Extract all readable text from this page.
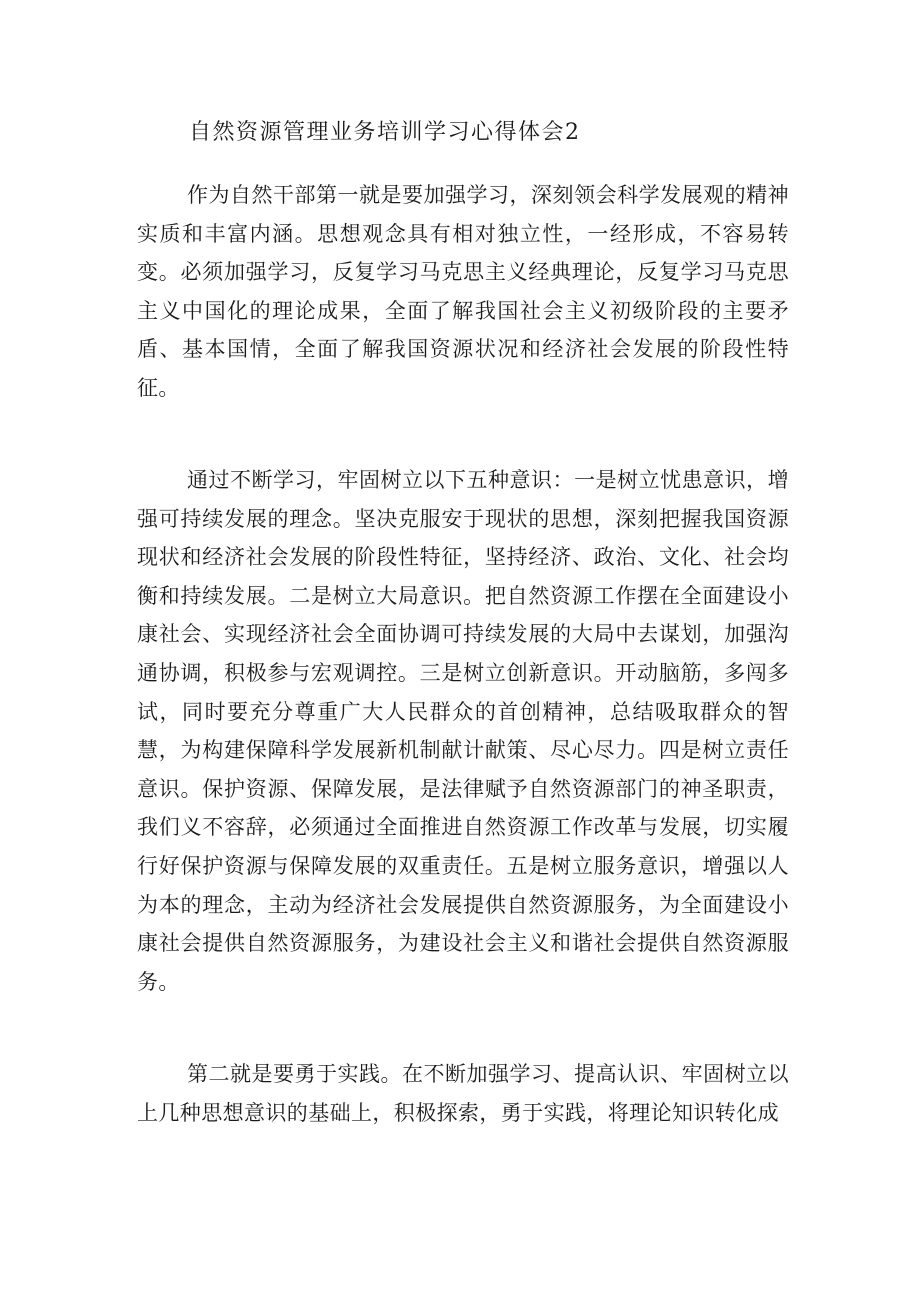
自然资源管理业务培训学习心得体会2

作为自然干部第一就是要加强学习，深刻领会科学发展观的精神实质和丰富内涵。思想观念具有相对独立性，一经形成，不容易转变。必须加强学习，反复学习马克思主义经典理论，反复学习马克思主义中国化的理论成果，全面了解我国社会主义初级阶段的主要矛盾、基本国情，全面了解我国资源状况和经济社会发展的阶段性特征。

通过不断学习，牢固树立以下五种意识：一是树立忧患意识，增强可持续发展的理念。坚决克服安于现状的思想，深刻把握我国资源现状和经济社会发展的阶段性特征，坚持经济、政治、文化、社会均衡和持续发展。二是树立大局意识。把自然资源工作摆在全面建设小康社会、实现经济社会全面协调可持续发展的大局中去谋划，加强沟通协调，积极参与宏观调控。三是树立创新意识。开动脑筋，多闯多试，同时要充分尊重广大人民群众的首创精神，总结吸取群众的智慧，为构建保障科学发展新机制献计献策、尽心尽力。四是树立责任意识。保护资源、保障发展，是法律赋予自然资源部门的神圣职责，我们义不容辞，必须通过全面推进自然资源工作改革与发展，切实履行好保护资源与保障发展的双重责任。五是树立服务意识，增强以人为本的理念，主动为经济社会发展提供自然资源服务，为全面建设小康社会提供自然资源服务，为建设社会主义和谐社会提供自然资源服务。

第二就是要勇于实践。在不断加强学习、提高认识、牢固树立以上几种思想意识的基础上，积极探索，勇于实践，将理论知识转化成
